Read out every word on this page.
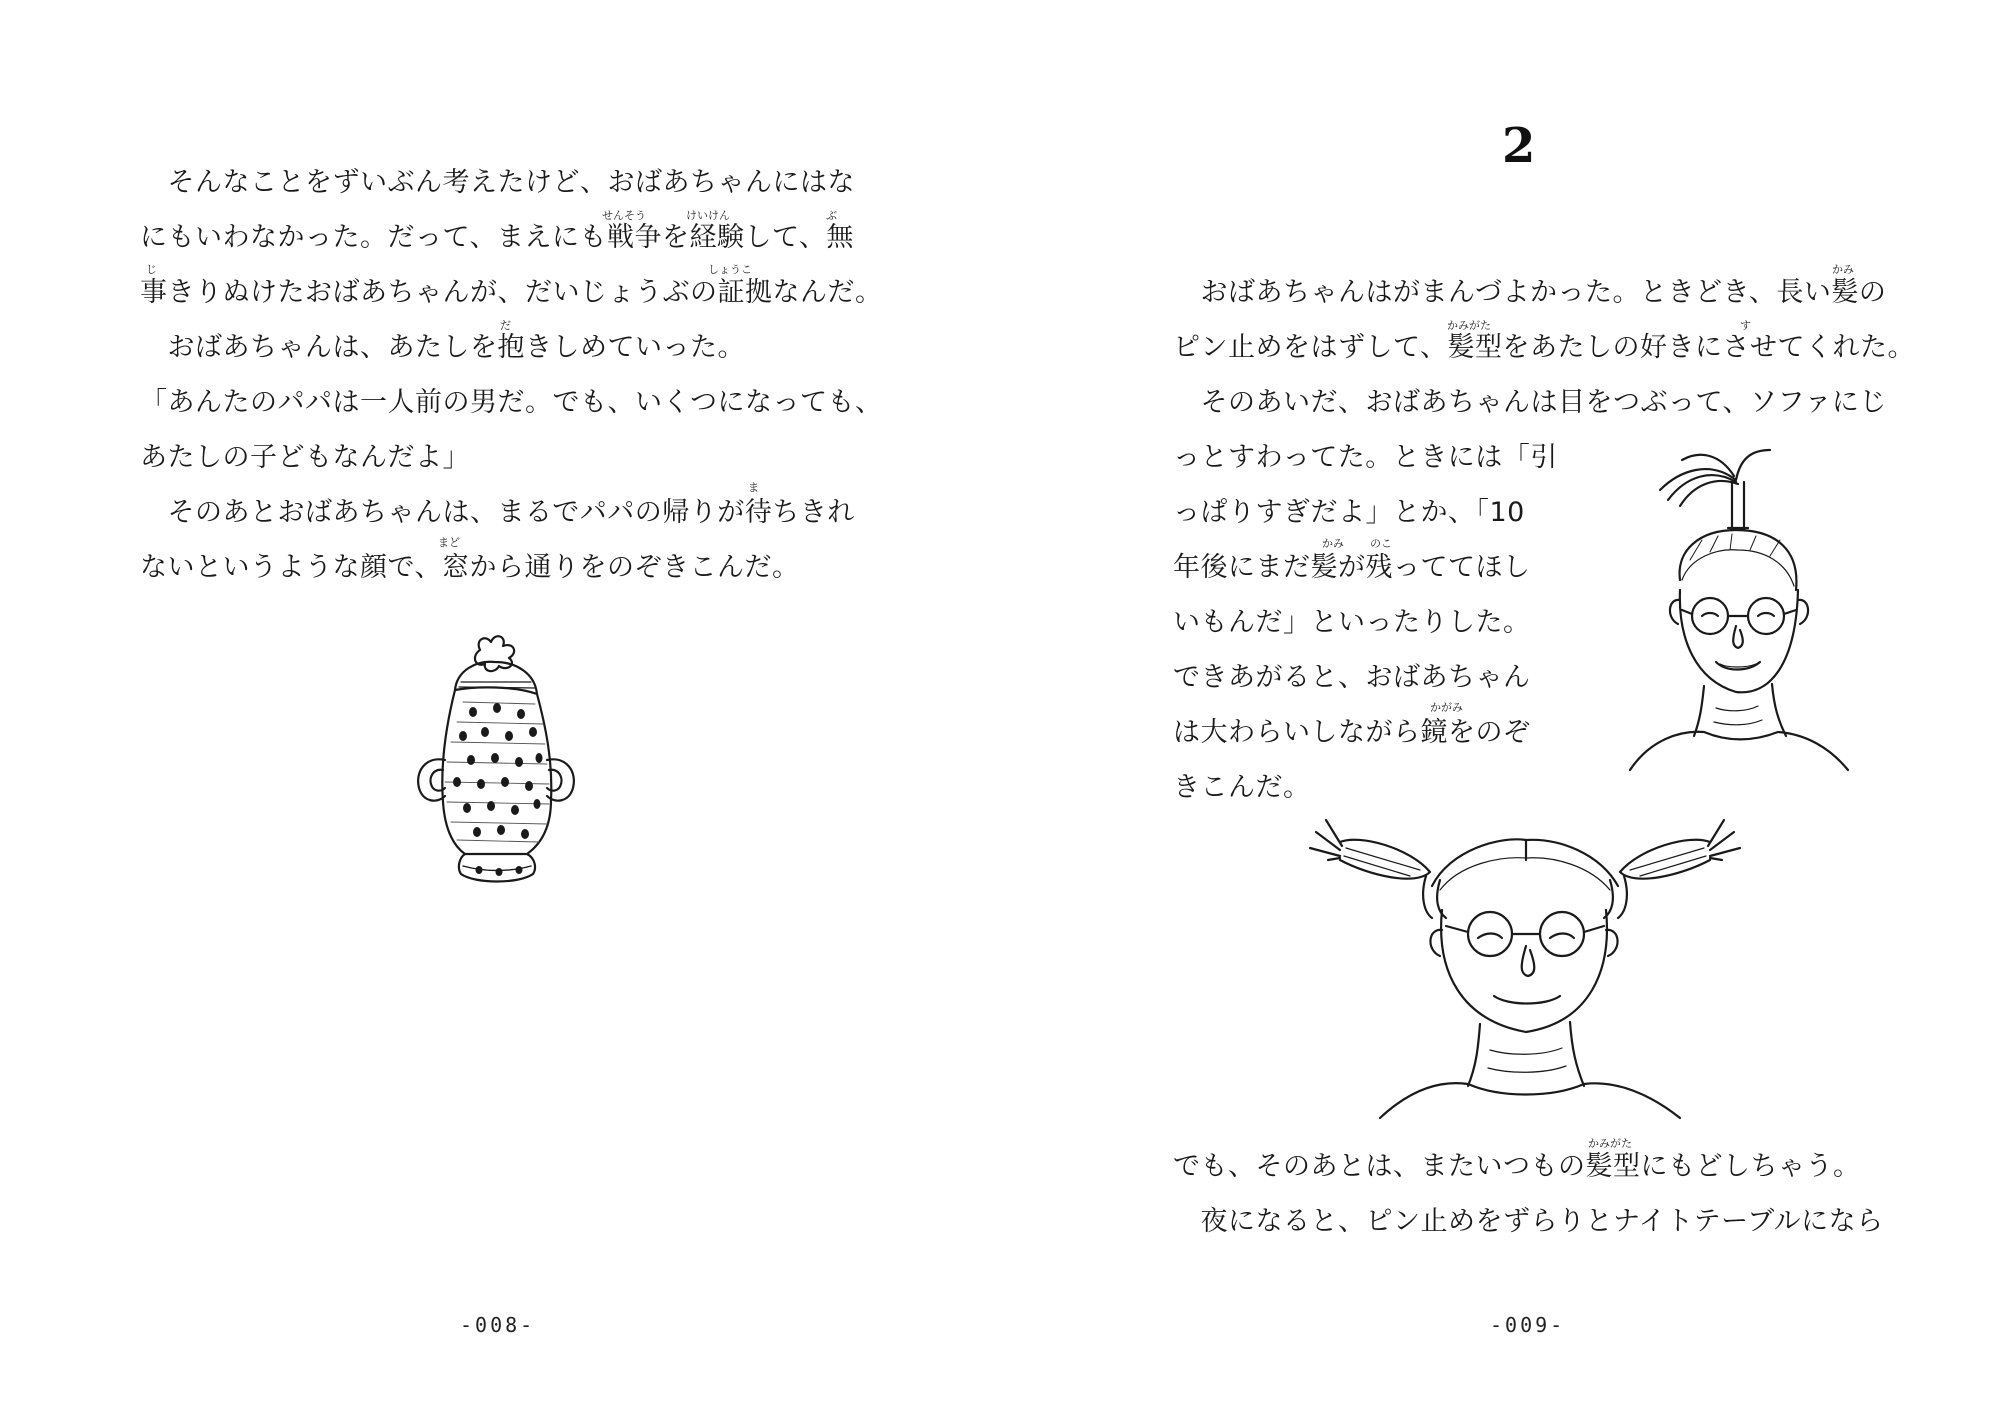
せんそう	けいけん	ぶ
じ	しょうこ
だ
ま
まど
　そんなことをずいぶん考えたけど、おばあちゃんにはな
にもいわなかった。だって、まえにも戦争を経験して、無
事きりぬけたおばあちゃんが、だいじょうぶの証拠なんだ。
　おばあちゃんは、あたしを抱きしめていった。
「あんたのパパは一人前の男だ。でも、いくつになっても、
あたしの子どもなんだよ」
　そのあとおばあちゃんは、まるでパパの帰りが待ちきれ
ないというような顔で、窓から通りをのぞきこんだ。
-008-
2
かみ
かみがた	す
かみ のこ
かがみ
かみがた
　おばあちゃんはがまんづよかった。ときどき、長い髪の
ピン止めをはずして、髪型をあたしの好きにさせてくれた。
　そのあいだ、おばあちゃんは目をつぶって、ソファにじ
っとすわってた。ときには「引
っぱりすぎだよ」とか、「10
年後にまだ髪が残っててほし
いもんだ」といったりした。
できあがると、おばあちゃん
は大わらいしながら鏡をのぞ
きこんだ。
でも、そのあとは、またいつもの髪型にもどしちゃう。
　夜になると、ピン止めをずらりとナイトテーブルになら
-009-
